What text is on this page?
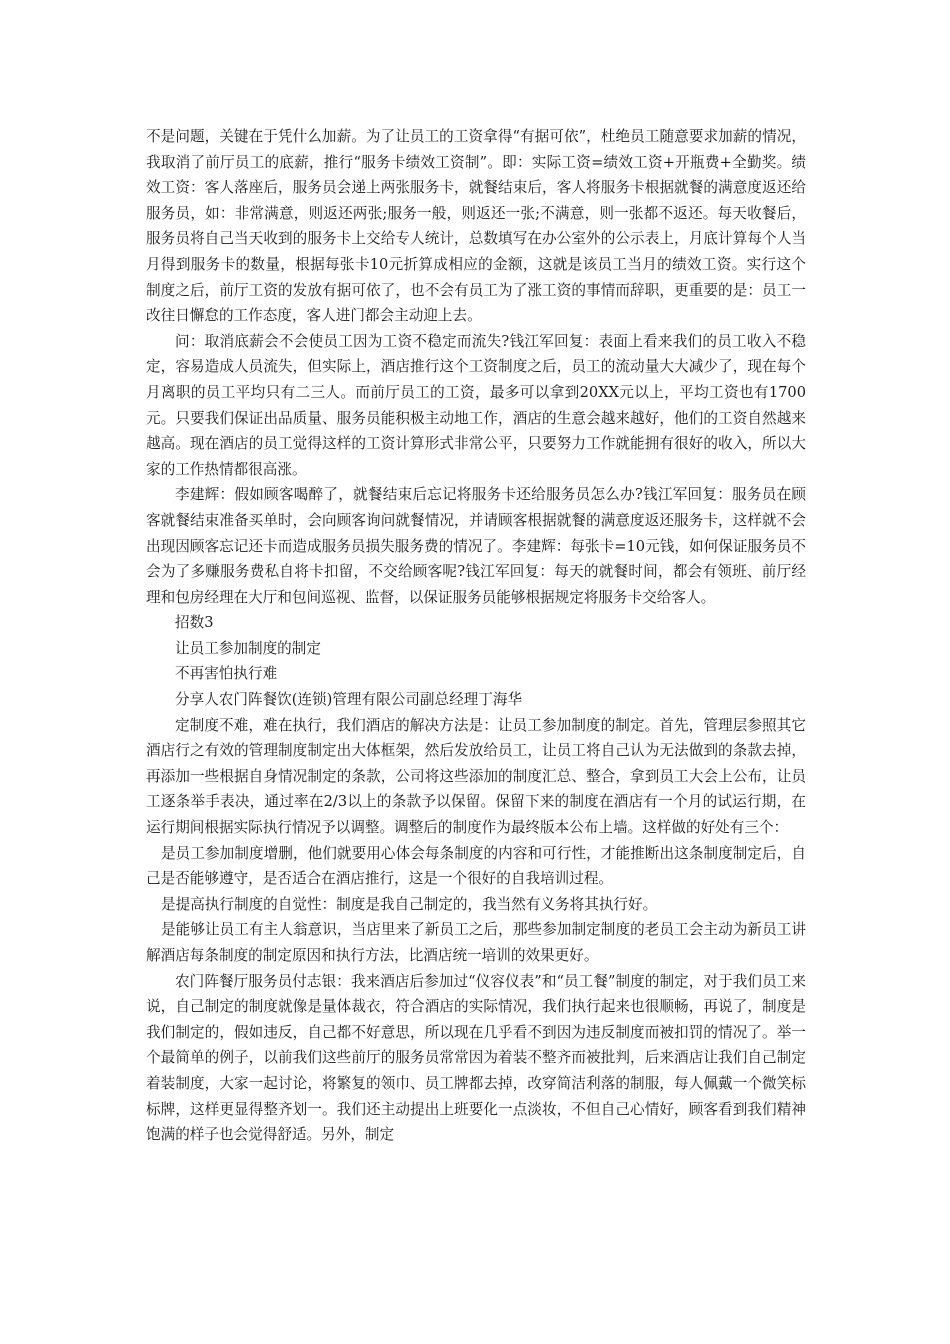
不是问题，关键在于凭什么加薪。为了让员工的工资拿得“有据可依”，杜绝员工随意要求加薪的情况，我取消了前厅员工的底薪，推行“服务卡绩效工资制”。即：实际工资=绩效工资+开瓶费+全勤奖。绩效工资：客人落座后，服务员会递上两张服务卡，就餐结束后，客人将服务卡根据就餐的满意度返还给服务员，如：非常满意，则返还两张;服务一般，则返还一张;不满意，则一张都不返还。每天收餐后，服务员将自己当天收到的服务卡上交给专人统计，总数填写在办公室外的公示表上，月底计算每个人当月得到服务卡的数量，根据每张卡10元折算成相应的金额，这就是该员工当月的绩效工资。实行这个制度之后，前厅工资的发放有据可依了，也不会有员工为了涨工资的事情而辞职，更重要的是：员工一改往日懈怠的工作态度，客人进门都会主动迎上去。

问：取消底薪会不会使员工因为工资不稳定而流失?钱江军回复：表面上看来我们的员工收入不稳定，容易造成人员流失，但实际上，酒店推行这个工资制度之后，员工的流动量大大减少了，现在每个月离职的员工平均只有二三人。而前厅员工的工资，最多可以拿到20XX元以上，平均工资也有1700元。只要我们保证出品质量、服务员能积极主动地工作，酒店的生意会越来越好，他们的工资自然越来越高。现在酒店的员工觉得这样的工资计算形式非常公平，只要努力工作就能拥有很好的收入，所以大家的工作热情都很高涨。

李建辉：假如顾客喝醉了，就餐结束后忘记将服务卡还给服务员怎么办?钱江军回复：服务员在顾客就餐结束准备买单时，会向顾客询问就餐情况，并请顾客根据就餐的满意度返还服务卡，这样就不会出现因顾客忘记还卡而造成服务员损失服务费的情况了。李建辉：每张卡=10元钱，如何保证服务员不会为了多赚服务费私自将卡扣留，不交给顾客呢?钱江军回复：每天的就餐时间，都会有领班、前厅经理和包房经理在大厅和包间巡视、监督，以保证服务员能够根据规定将服务卡交给客人。

招数3

让员工参加制度的制定

不再害怕执行难

分享人农门阵餐饮(连锁)管理有限公司副总经理丁海华

定制度不难，难在执行，我们酒店的解决方法是：让员工参加制度的制定。首先，管理层参照其它酒店行之有效的管理制度制定出大体框架，然后发放给员工，让员工将自己认为无法做到的条款去掉，再添加一些根据自身情况制定的条款，公司将这些添加的制度汇总、整合，拿到员工大会上公布，让员工逐条举手表决，通过率在2/3以上的条款予以保留。保留下来的制度在酒店有一个月的试运行期，在运行期间根据实际执行情况予以调整。调整后的制度作为最终版本公布上墙。这样做的好处有三个：

是员工参加制度增删，他们就要用心体会每条制度的内容和可行性，才能推断出这条制度制定后，自己是否能够遵守，是否适合在酒店推行，这是一个很好的自我培训过程。

是提高执行制度的自觉性：制度是我自己制定的，我当然有义务将其执行好。

是能够让员工有主人翁意识，当店里来了新员工之后，那些参加制定制度的老员工会主动为新员工讲解酒店每条制度的制定原因和执行方法，比酒店统一培训的效果更好。

农门阵餐厅服务员付志银：我来酒店后参加过“仪容仪表”和“员工餐”制度的制定，对于我们员工来说，自己制定的制度就像是量体裁衣，符合酒店的实际情况，我们执行起来也很顺畅，再说了，制度是我们制定的，假如违反，自己都不好意思，所以现在几乎看不到因为违反制度而被扣罚的情况了。举一个最简单的例子，以前我们这些前厅的服务员常常因为着装不整齐而被批判，后来酒店让我们自己制定着装制度，大家一起讨论，将繁复的领巾、员工牌都去掉，改穿简洁利落的制服，每人佩戴一个微笑标标牌，这样更显得整齐划一。我们还主动提出上班要化一点淡妆，不但自己心情好，顾客看到我们精神饱满的样子也会觉得舒适。另外，制定
